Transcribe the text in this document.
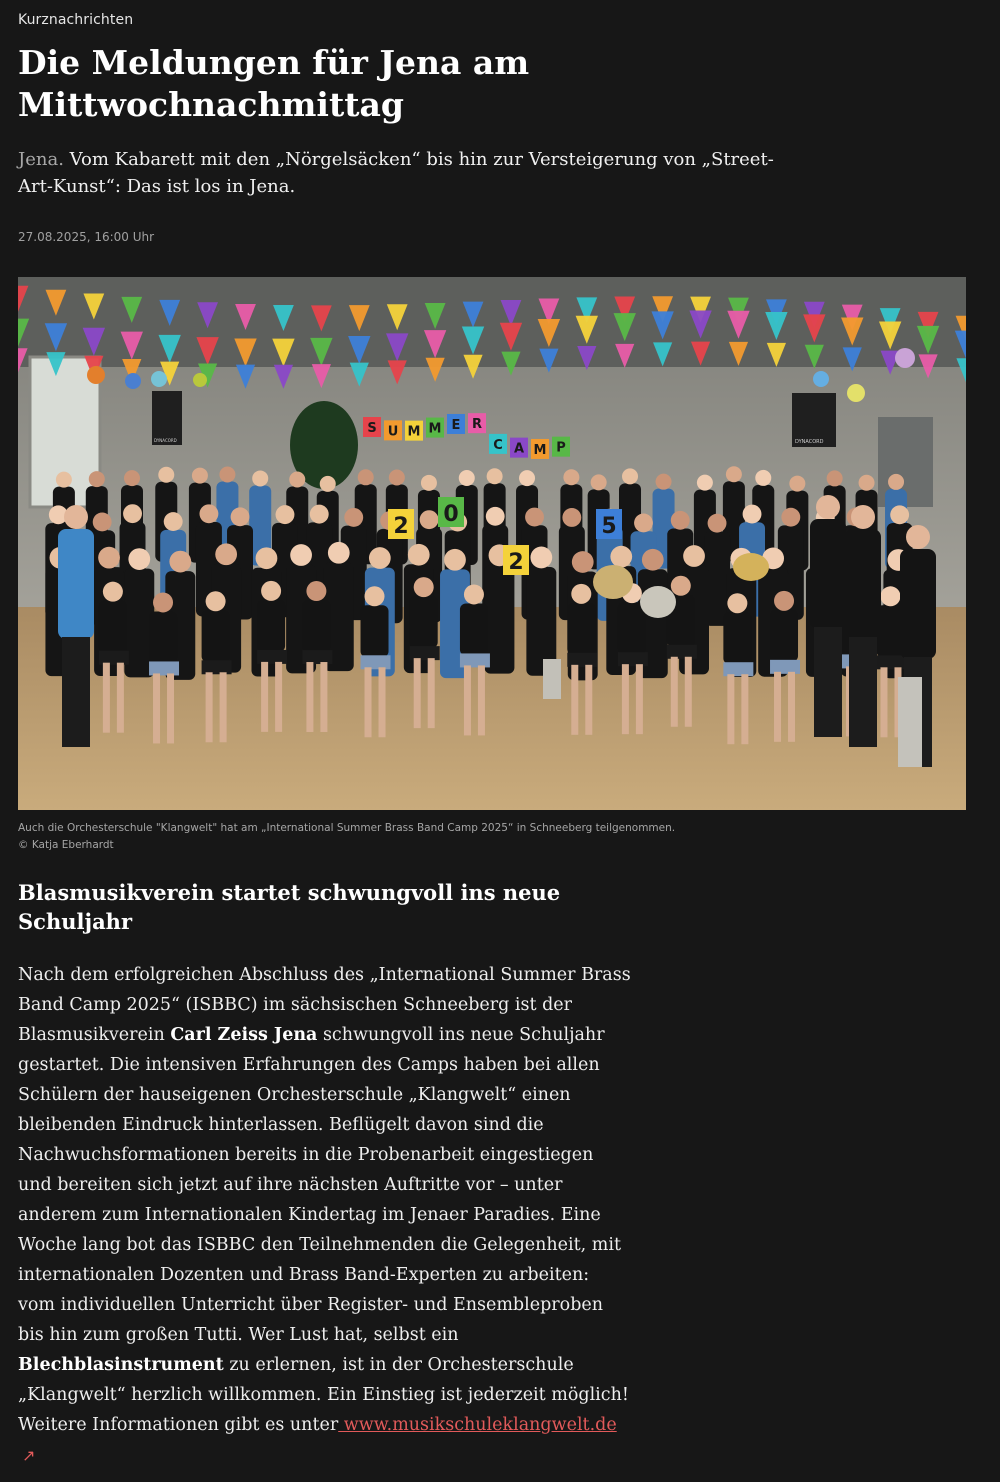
Kurznachrichten
Die Meldungen für Jena am Mittwochnachmittag

Jena. Vom Kabarett mit den „Nörgelsäcken“ bis hin zur Versteigerung von „Street-Art-Kunst“: Das ist los in Jena.

27.08.2025, 16:00 Uhr
DYNACORD	DYNACORD
S U M M E R
C A M P
2 0
2
5
Auch die Orchesterschule "Klangwelt" hat am „International Summer Brass Band Camp 2025“ in Schneeberg teilgenommen.
© Katja Eberhardt
Blasmusikverein startet schwungvoll ins neue Schuljahr

Nach dem erfolgreichen Abschluss des „International Summer Brass
Band Camp 2025“ (ISBBC) im sächsischen Schneeberg ist der
Blasmusikverein Carl Zeiss Jena schwungvoll ins neue Schuljahr
gestartet. Die intensiven Erfahrungen des Camps haben bei allen
Schülern der hauseigenen Orchesterschule „Klangwelt“ einen
bleibenden Eindruck hinterlassen. Beflügelt davon sind die
Nachwuchsformationen bereits in die Probenarbeit eingestiegen
und bereiten sich jetzt auf ihre nächsten Auftritte vor – unter
anderem zum Internationalen Kindertag im Jenaer Paradies. Eine
Woche lang bot das ISBBC den Teilnehmenden die Gelegenheit, mit
internationalen Dozenten und Brass Band-Experten zu arbeiten:
vom individuellen Unterricht über Register- und Ensembleproben
bis hin zum großen Tutti. Wer Lust hat, selbst ein
Blechblasinstrument zu erlernen, ist in der Orchesterschule
„Klangwelt“ herzlich willkommen. Ein Einstieg ist jederzeit möglich!
Weitere Informationen gibt es unter www.musikschuleklangwelt.de

↗
